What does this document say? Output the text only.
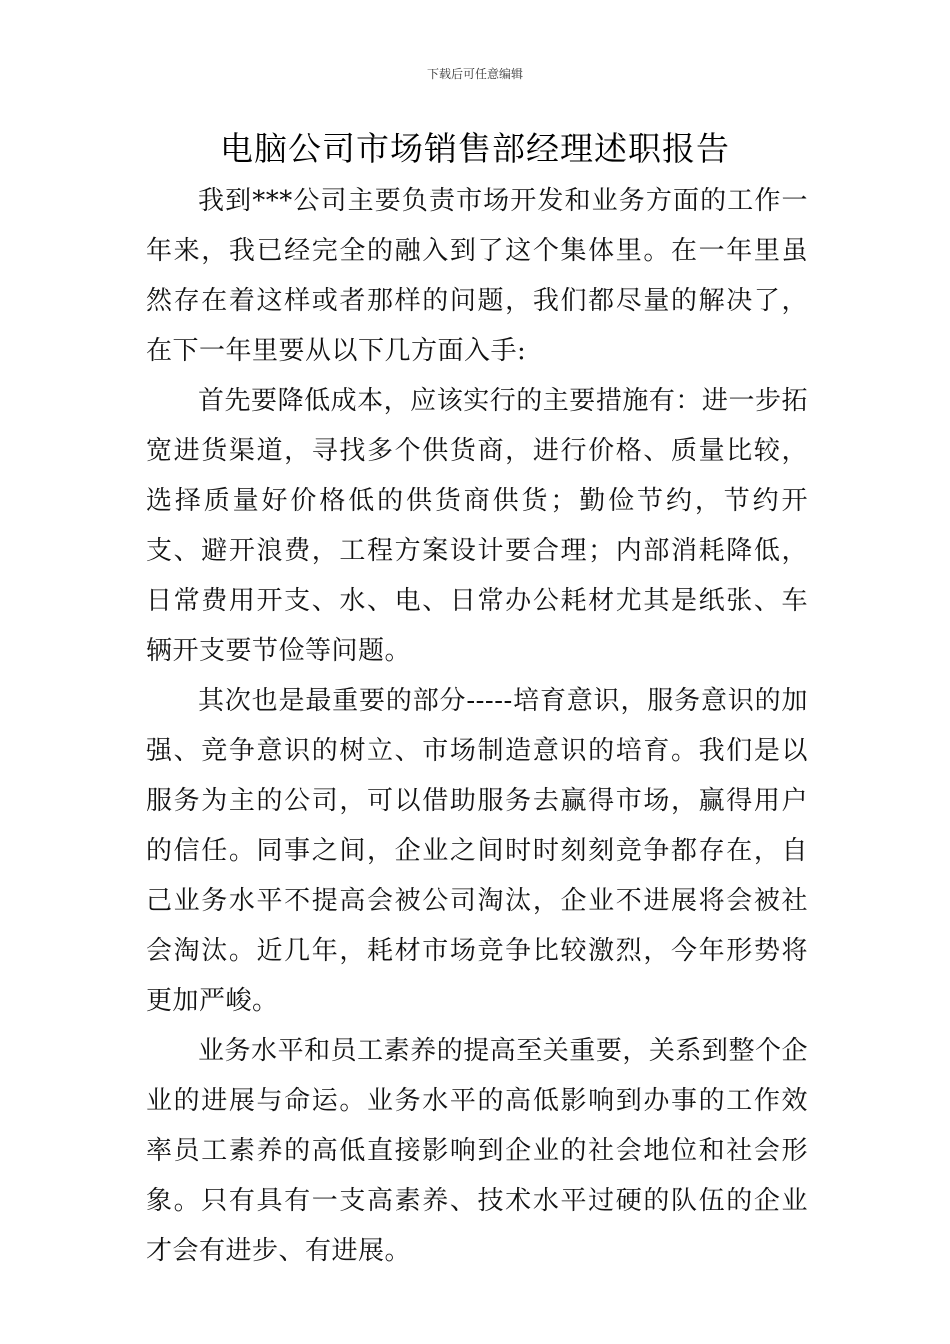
下载后可任意编辑
电脑公司市场销售部经理述职报告

我到***公司主要负责市场开发和业务方面的工作一年来，我已经完全的融入到了这个集体里。在一年里虽然存在着这样或者那样的问题，我们都尽量的解决了，在下一年里要从以下几方面入手:

首先要降低成本，应该实行的主要措施有：进一步拓宽进货渠道，寻找多个供货商，进行价格、质量比较，选择质量好价格低的供货商供货；勤俭节约，节约开支、避开浪费，工程方案设计要合理；内部消耗降低，日常费用开支、水、电、日常办公耗材尤其是纸张、车辆开支要节俭等问题。

其次也是最重要的部分-----培育意识，服务意识的加强、竞争意识的树立、市场制造意识的培育。我们是以服务为主的公司，可以借助服务去赢得市场，赢得用户的信任。同事之间，企业之间时时刻刻竞争都存在，自己业务水平不提高会被公司淘汰，企业不进展将会被社会淘汰。近几年，耗材市场竞争比较激烈，今年形势将更加严峻。

业务水平和员工素养的提高至关重要，关系到整个企业的进展与命运。业务水平的高低影响到办事的工作效率员工素养的高低直接影响到企业的社会地位和社会形象。只有具有一支高素养、技术水平过硬的队伍的企业才会有进步、有进展。
